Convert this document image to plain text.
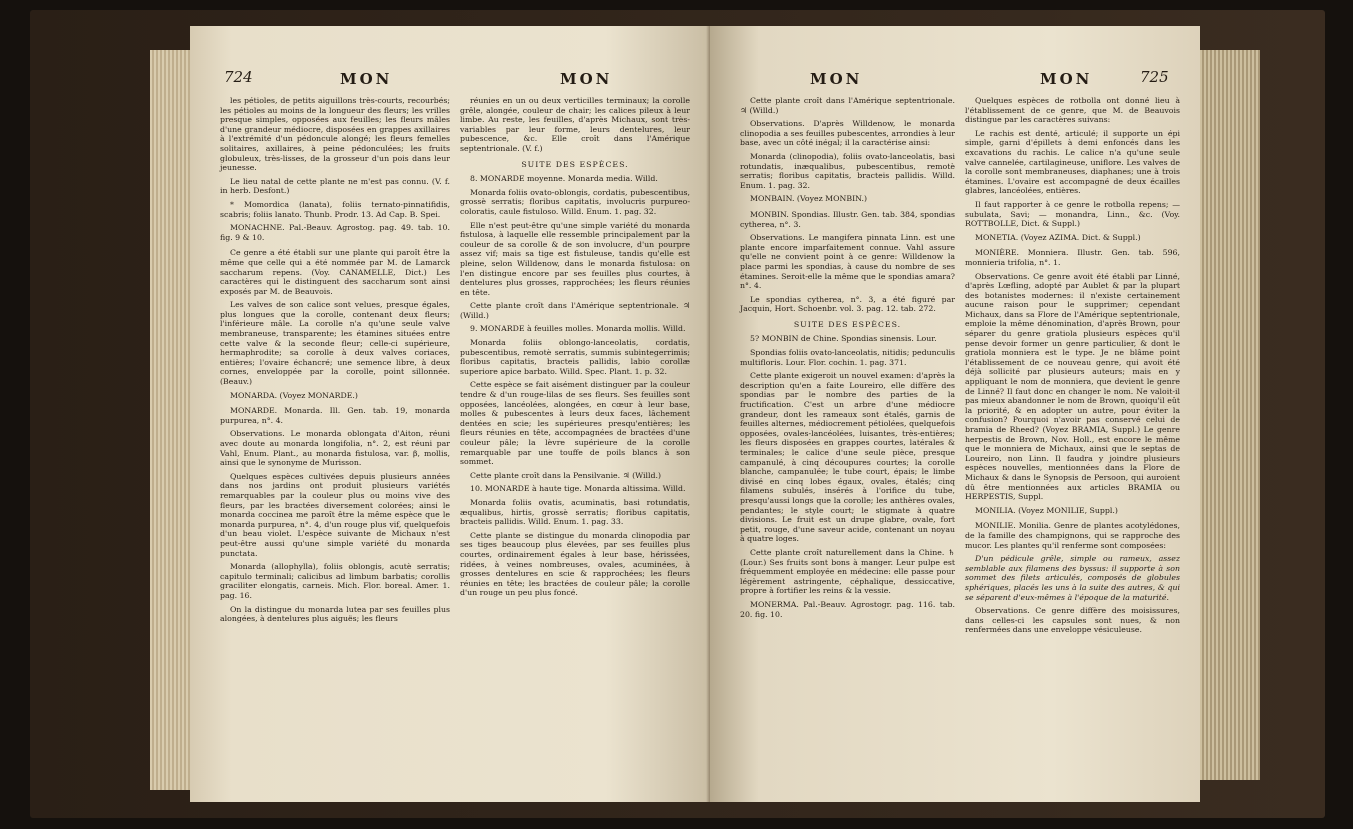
724	MON	MON

les pétioles, de petits aiguillons très-courts, recourbés; les pétioles au moins de la longueur des fleurs; les vrilles presque simples, opposées aux feuilles; les fleurs mâles d'une grandeur médiocre, disposées en grappes axillaires à l'extrémité d'un pédoncule alongé; les fleurs femelles solitaires, axillaires, à peine pédonculées; les fruits globuleux, très-lisses, de la grosseur d'un pois dans leur jeunesse.

Le lieu natal de cette plante ne m'est pas connu. (V. f. in herb. Desfont.)

* Momordica (lanata), foliis ternato-pinnatifidis, scabris; foliis lanato. Thunb. Prodr. 13. Ad Cap. B. Spei.

MONACHNE. Pal.-Beauv. Agrostog. pag. 49. tab. 10. fig. 9 & 10.

Ce genre a été établi sur une plante qui paroît être la même que celle qui a été nommée par M. de Lamarck saccharum repens. (Voy. CANAMELLE, Dict.) Les caractères qui le distinguent des saccharum sont ainsi exposés par M. de Beauvois.

Les valves de son calice sont velues, presque égales, plus longues que la corolle, contenant deux fleurs; l'inférieure mâle. La corolle n'a qu'une seule valve membraneuse, transparente; les étamines situées entre cette valve & la seconde fleur; celle-ci supérieure, hermaphrodite; sa corolle à deux valves coriaces, entières; l'ovaire échancré; une semence libre, à deux cornes, enveloppée par la corolle, point sillonnée. (Beauv.)

MONARDA. (Voyez MONARDE.)

MONARDE. Monarda. Ill. Gen. tab. 19, monarda purpurea, n°. 4.

Observations. Le monarda oblongata d'Aiton, réuni avec doute au monarda longifolia, n°. 2, est réuni par Vahl, Enum. Plant., au monarda fistulosa, var. β, mollis, ainsi que le synonyme de Murisson.

Quelques espèces cultivées depuis plusieurs années dans nos jardins ont produit plusieurs variétés remarquables par la couleur plus ou moins vive des fleurs, par les bractées diversement colorées; ainsi le monarda coccinea me paroît être la même espèce que le monarda purpurea, n°. 4, d'un rouge plus vif, quelquefois d'un beau violet. L'espèce suivante de Michaux n'est peut-être aussi qu'une simple variété du monarda punctata.

Monarda (allophylla), foliis oblongis, acutè serratis; capitulo terminali; calicibus ad limbum barbatis; corollis graciliter elongatis, carneis. Mich. Flor. boreal. Amer. 1. pag. 16.

On la distingue du monarda lutea par ses feuilles plus alongées, à dentelures plus aiguës; les fleurs

réunies en un ou deux verticilles terminaux; la corolle grêle, alongée, couleur de chair; les calices pileux à leur limbe. Au reste, les feuilles, d'après Michaux, sont très-variables par leur forme, leurs dentelures, leur pubescence, &c. Elle croît dans l'Amérique septentrionale. (V. f.)

SUITE DES ESPÈCES.

8. MONARDE moyenne. Monarda media. Willd.

Monarda foliis ovato-oblongis, cordatis, pubescentibus, grossè serratis; floribus capitatis, involucris purpureo-coloratis, caule fistuloso. Willd. Enum. 1. pag. 32.

Elle n'est peut-être qu'une simple variété du monarda fistulosa, à laquelle elle ressemble principalement par la couleur de sa corolle & de son involucre, d'un pourpre assez vif; mais sa tige est fistuleuse, tandis qu'elle est pleine, selon Willdenow, dans le monarda fistulosa: on l'en distingue encore par ses feuilles plus courtes, à dentelures plus grosses, rapprochées; les fleurs réunies en tête.

Cette plante croît dans l'Amérique septentrionale. ♃ (Willd.)

9. MONARDE à feuilles molles. Monarda mollis. Willd.

Monarda foliis oblongo-lanceolatis, cordatis, pubescentibus, remotè serratis, summis subintegerrimis; floribus capitatis, bracteis pallidis, labio corollæ superiore apice barbato. Willd. Spec. Plant. 1. p. 32.

Cette espèce se fait aisément distinguer par la couleur tendre & d'un rouge-lilas de ses fleurs. Ses feuilles sont opposées, lancéolées, alongées, en cœur à leur base, molles & pubescentes à leurs deux faces, lâchement dentées en scie; les supérieures presqu'entières; les fleurs réunies en tête, accompagnées de bractées d'une couleur pâle; la lèvre supérieure de la corolle remarquable par une touffe de poils blancs à son sommet.

Cette plante croît dans la Pensilvanie. ♃ (Willd.)

10. MONARDE à haute tige. Monarda altissima. Willd.

Monarda foliis ovatis, acuminatis, basi rotundatis, æqualibus, hirtis, grossè serratis; floribus capitatis, bracteis pallidis. Willd. Enum. 1. pag. 33.

Cette plante se distingue du monarda clinopodia par ses tiges beaucoup plus élevées, par ses feuilles plus courtes, ordinairement égales à leur base, hérissées, ridées, à veines nombreuses, ovales, acuminées, à grosses dentelures en scie & rapprochées; les fleurs réunies en tête; les bractées de couleur pâle; la corolle d'un rouge un peu plus foncé.

MON	MON	725

Cette plante croît dans l'Amérique septentrionale. ♃ (Willd.)

Observations. D'après Willdenow, le monarda clinopodia a ses feuilles pubescentes, arrondies à leur base, avec un côté inégal; il la caractérise ainsi:

Monarda (clinopodia), foliis ovato-lanceolatis, basi rotundatis, inæqualibus, pubescentibus, remotè serratis; floribus capitatis, bracteis pallidis. Willd. Enum. 1. pag. 32.

MONBAIN. (Voyez MONBIN.)

MONBIN. Spondias. Illustr. Gen. tab. 384, spondias cytherea, n°. 3.

Observations. Le mangifera pinnata Linn. est une plante encore imparfaitement connue. Vahl assure qu'elle ne convient point à ce genre: Willdenow la place parmi les spondias, à cause du nombre de ses étamines. Seroit-elle la même que le spondias amara? n°. 4.

Le spondias cytherea, n°. 3, a été figuré par Jacquin, Hort. Schoenbr. vol. 3. pag. 12. tab. 272.

SUITE DES ESPÈCES.

5? MONBIN de Chine. Spondias sinensis. Lour.

Spondias foliis ovato-lanceolatis, nitidis; pedunculis multifloris. Lour. Flor. cochin. 1. pag. 371.

Cette plante exigeroit un nouvel examen: d'après la description qu'en a faite Loureiro, elle diffère des spondias par le nombre des parties de la fructification. C'est un arbre d'une médiocre grandeur, dont les rameaux sont étalés, garnis de feuilles alternes, médiocrement pétiolées, quelquefois opposées, ovales-lancéolées, luisantes, très-entières; les fleurs disposées en grappes courtes, latérales & terminales; le calice d'une seule pièce, presque campanulé, à cinq découpures courtes; la corolle blanche, campanulée; le tube court, épais; le limbe divisé en cinq lobes égaux, ovales, étalés; cinq filamens subulés, insérés à l'orifice du tube, presqu'aussi longs que la corolle; les anthères ovales, pendantes; le style court; le stigmate à quatre divisions. Le fruit est un drupe glabre, ovale, fort petit, rouge, d'une saveur acide, contenant un noyau à quatre loges.

Cette plante croît naturellement dans la Chine. ♄ (Lour.) Ses fruits sont bons à manger. Leur pulpe est fréquemment employée en médecine: elle passe pour légèrement astringente, céphalique, dessiccative, propre à fortifier les reins & la vessie.

MONERMA. Pal.-Beauv. Agrostogr. pag. 116. tab. 20. fig. 10.

Quelques espèces de rotbolla ont donné lieu à l'établissement de ce genre, que M. de Beauvois distingue par les caractères suivans:

Le rachis est denté, articulé; il supporte un épi simple, garni d'épillets à demi enfoncés dans les excavations du rachis. Le calice n'a qu'une seule valve cannelée, cartilagineuse, uniflore. Les valves de la corolle sont membraneuses, diaphanes; une à trois étamines. L'ovaire est accompagné de deux écailles glabres, lancéolées, entières.

Il faut rapporter à ce genre le rotbolla repens; — subulata, Savi; — monandra, Linn., &c. (Voy. ROTTBOLLE, Dict. & Suppl.)

MONETIA. (Voyez AZIMA. Dict. & Suppl.)

MONIÈRE. Monniera. Illustr. Gen. tab. 596, monnieria trifolia, n°. 1.

Observations. Ce genre avoit été établi par Linné, d'après Lœfling, adopté par Aublet & par la plupart des botanistes modernes: il n'existe certainement aucune raison pour le supprimer; cependant Michaux, dans sa Flore de l'Amérique septentrionale, emploie la même dénomination, d'après Brown, pour séparer du genre gratiola plusieurs espèces qu'il pense devoir former un genre particulier, & dont le gratiola monniera est le type. Je ne blâme point l'établissement de ce nouveau genre, qui avoit été déjà sollicité par plusieurs auteurs; mais en y appliquant le nom de monniera, que devient le genre de Linné? Il faut donc en changer le nom. Ne valoit-il pas mieux abandonner le nom de Brown, quoiqu'il eût la priorité, & en adopter un autre, pour éviter la confusion? Pourquoi n'avoir pas conservé celui de bramia de Rheed? (Voyez BRAMIA, Suppl.) Le genre herpestis de Brown, Nov. Holl., est encore le même que le monniera de Michaux, ainsi que le septas de Loureiro, non Linn. Il faudra y joindre plusieurs espèces nouvelles, mentionnées dans la Flore de Michaux & dans le Synopsis de Persoon, qui auroient dû être mentionnées aux articles BRAMIA ou HERPESTIS, Suppl.

MONILIA. (Voyez MONILIE, Suppl.)

MONILIE. Monilia. Genre de plantes acotylédones, de la famille des champignons, qui se rapproche des mucor. Les plantes qu'il renferme sont composées:

D'un pédicule grêle, simple ou rameux, assez semblable aux filamens des byssus: il supporte à son sommet des filets articulés, composés de globules sphériques, placés les uns à la suite des autres, & qui se séparent d'eux-mêmes à l'époque de la maturité.

Observations. Ce genre diffère des moisissures, dans celles-ci les capsules sont nues, & non renfermées dans une enveloppe vésiculeuse.
